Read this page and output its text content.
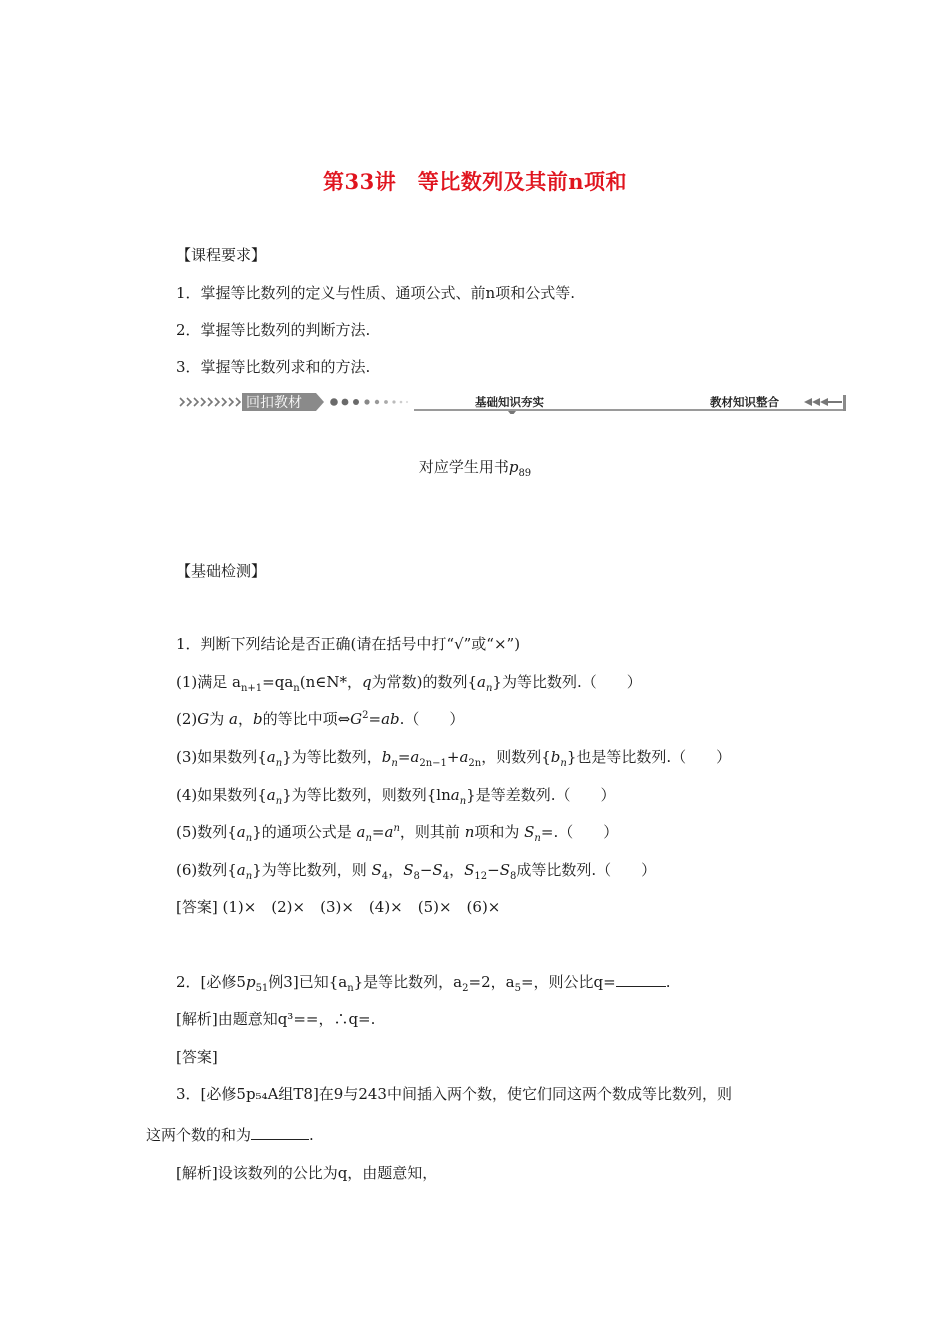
第33讲　等比数列及其前n项和
【课程要求】
1．掌握等比数列的定义与性质、通项公式、前n项和公式等.
2．掌握等比数列的判断方法.
3．掌握等比数列求和的方法.
回扣教材	基础知识夯实	教材知识整合
对应学生用书$p_{89}$
【基础检测】
1．判断下列结论是否正确(请在括号中打“√”或“×”)
(1)满足 $a_{n+1}=qa_n(n\in N*$，q为常数)的数列$\{a_n\}$为等比数列.（　　）
(2)G为 a，b的等比中项$\Leftrightarrow G^2=ab$.（　　）
(3)如果数列$\{a_n\}$为等比数列，$b_n=a_{2n-1}+a_{2n}$，则数列$\{b_n\}$也是等比数列.（　　）
(4)如果数列$\{a_n\}$为等比数列，则数列{lna$_n$}是等差数列.（　　）
(5)数列$\{a_n\}$的通项公式是 $a_n=a^n$，则其前 n项和为 $S_n=$.（　　）
(6)数列$\{a_n\}$为等比数列，则 $S_4$，$S_8-S_4$，$S_{12}-S_8$成等比数列.（　　）
[答案] (1)×　(2)×　(3)×　(4)×　(5)×　(6)×
2．[必修$5p_{51}$例3]已知$\{a_n\}$是等比数列，$a_2=2$，$a_5=$，则公比q=	.
[解析]由题意知q³==，∴q=.
[答案]
3．[必修5p₅₄A组T8]在9与243中间插入两个数，使它们同这两个数成等比数列，则
这两个数的和为	.
[解析]设该数列的公比为q，由题意知，
